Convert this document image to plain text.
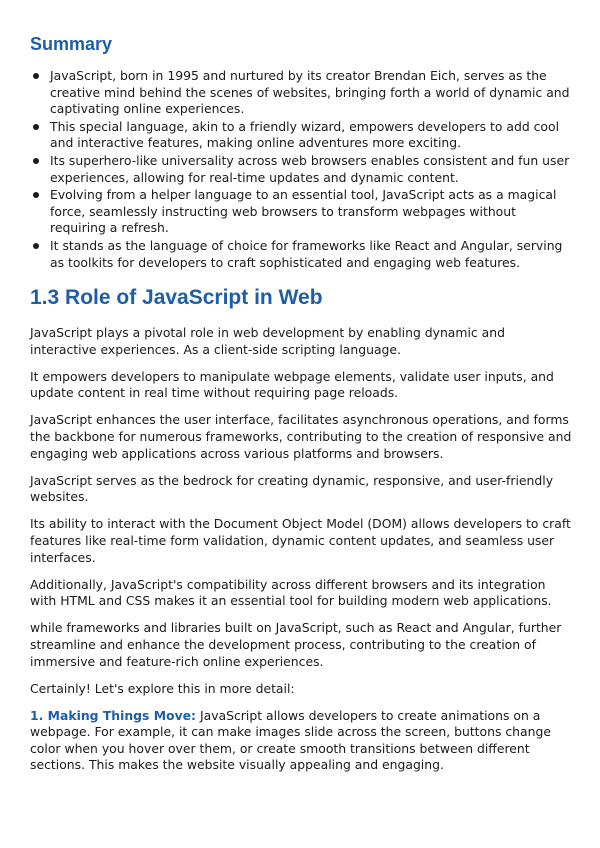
Summary
JavaScript, born in 1995 and nurtured by its creator Brendan Eich, serves as the creative mind behind the scenes of websites, bringing forth a world of dynamic and captivating online experiences.
This special language, akin to a friendly wizard, empowers developers to add cool and interactive features, making online adventures more exciting.
Its superhero-like universality across web browsers enables consistent and fun user experiences, allowing for real-time updates and dynamic content.
Evolving from a helper language to an essential tool, JavaScript acts as a magical force, seamlessly instructing web browsers to transform webpages without requiring a refresh.
It stands as the language of choice for frameworks like React and Angular, serving as toolkits for developers to craft sophisticated and engaging web features.
1.3 Role of JavaScript in Web

JavaScript plays a pivotal role in web development by enabling dynamic and interactive experiences. As a client-side scripting language.

It empowers developers to manipulate webpage elements, validate user inputs, and update content in real time without requiring page reloads.

JavaScript enhances the user interface, facilitates asynchronous operations, and forms the backbone for numerous frameworks, contributing to the creation of responsive and engaging web applications across various platforms and browsers.

JavaScript serves as the bedrock for creating dynamic, responsive, and user-friendly websites.

Its ability to interact with the Document Object Model (DOM) allows developers to craft features like real-time form validation, dynamic content updates, and seamless user interfaces.

Additionally, JavaScript's compatibility across different browsers and its integration with HTML and CSS makes it an essential tool for building modern web applications.

while frameworks and libraries built on JavaScript, such as React and Angular, further streamline and enhance the development process, contributing to the creation of immersive and feature-rich online experiences.

Certainly! Let's explore this in more detail:

1. Making Things Move: JavaScript allows developers to create animations on a webpage. For example, it can make images slide across the screen, buttons change color when you hover over them, or create smooth transitions between different sections. This makes the website visually appealing and engaging.
